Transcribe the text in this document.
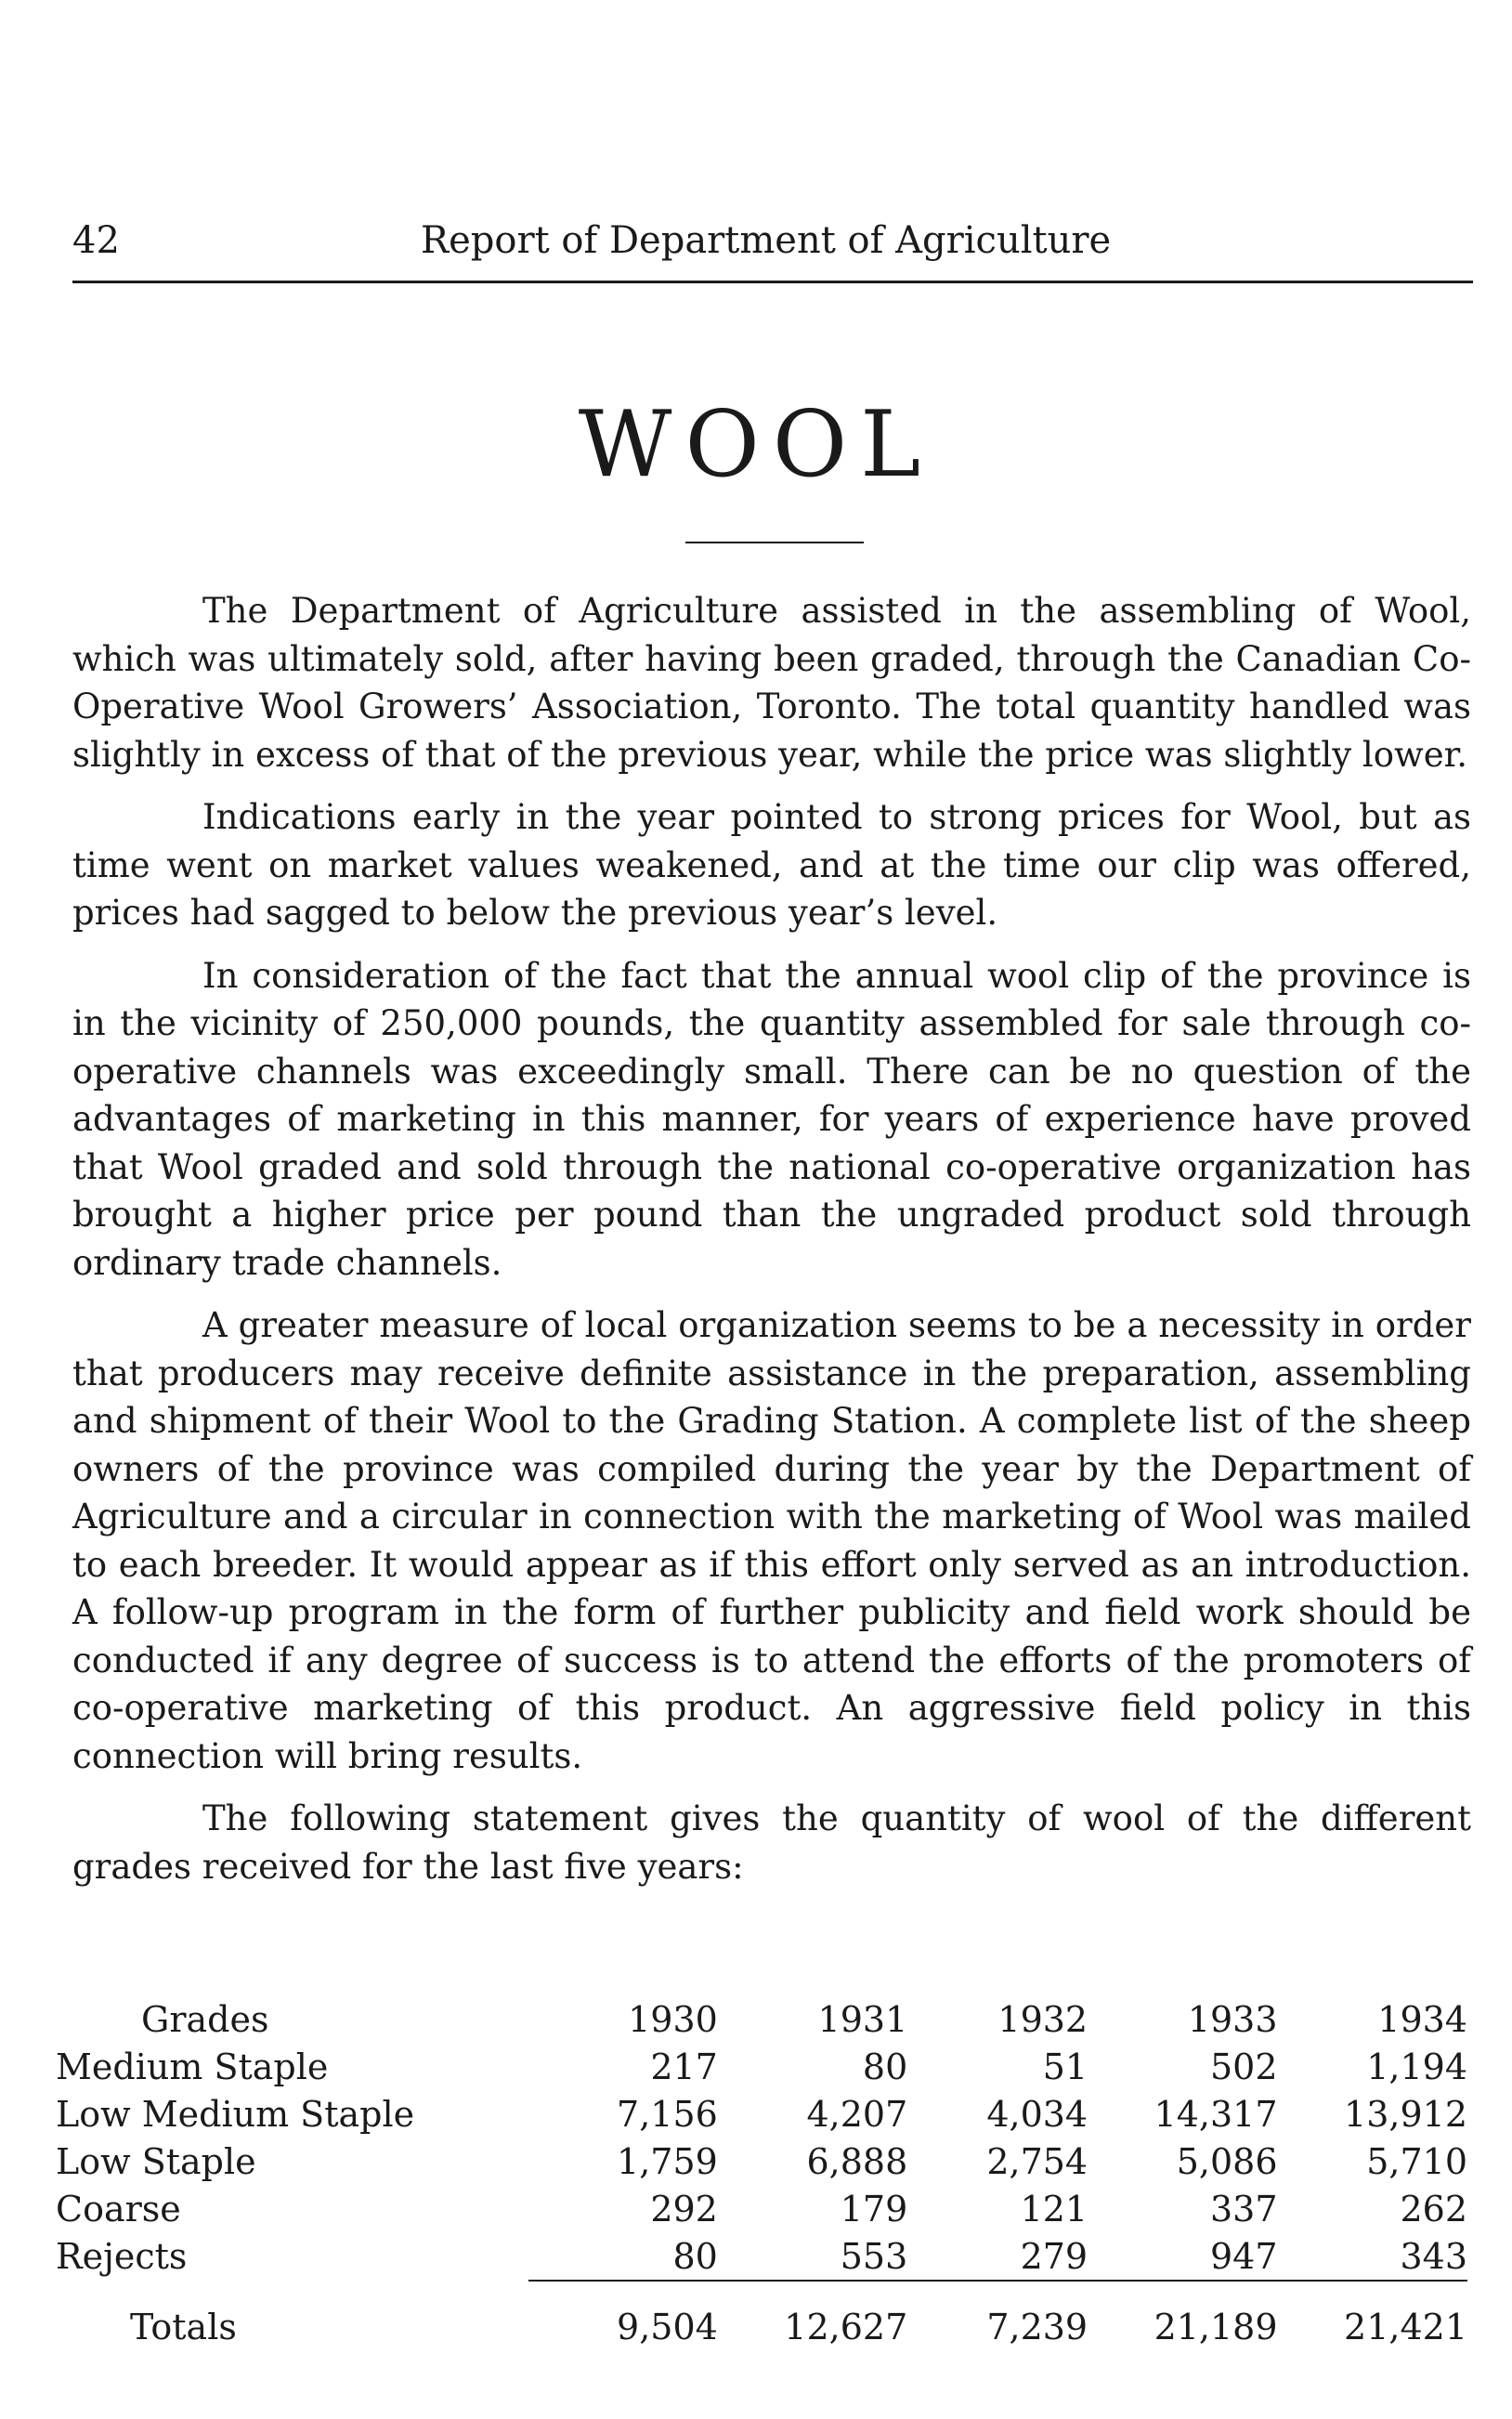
42	Report of Department of Agriculture
WOOL

The Department of Agriculture assisted in the assembling of Wool, which was ultimately sold, after having been graded, through the Canadian Co-Operative Wool Growers’ Association, Toronto. The total quantity handled was slightly in excess of that of the previous year, while the price was slightly lower.

Indications early in the year pointed to strong prices for Wool, but as time went on market values weakened, and at the time our clip was offered, prices had sagged to below the previous year’s level.

In consideration of the fact that the annual wool clip of the province is in the vicinity of 250,000 pounds, the quantity assembled for sale through co-operative channels was exceedingly small. There can be no question of the advantages of marketing in this manner, for years of experience have proved that Wool graded and sold through the national co-operative organization has brought a higher price per pound than the ungraded product sold through ordinary trade channels.

A greater measure of local organization seems to be a necessity in order that producers may receive definite assistance in the preparation, assembling and shipment of their Wool to the Grading Station. A complete list of the sheep owners of the province was compiled during the year by the Department of Agriculture and a circular in connection with the marketing of Wool was mailed to each breeder. It would appear as if this effort only served as an introduction. A follow-up program in the form of further publicity and field work should be conducted if any degree of success is to attend the efforts of the promoters of co-operative marketing of this product. An aggressive field policy in this connection will bring results.

The following statement gives the quantity of wool of the different grades received for the last five years:

Grades	1930	1931	1932	1933	1934
Medium Staple	217	80	51	502	1,194
Low Medium Staple	7,156	4,207	4,034	14,317	13,912
Low Staple	1,759	6,888	2,754	5,086	5,710
Coarse	292	179	121	337	262
Rejects	80	553	279	947	343

Totals	9,504	12,627	7,239	21,189	21,421
